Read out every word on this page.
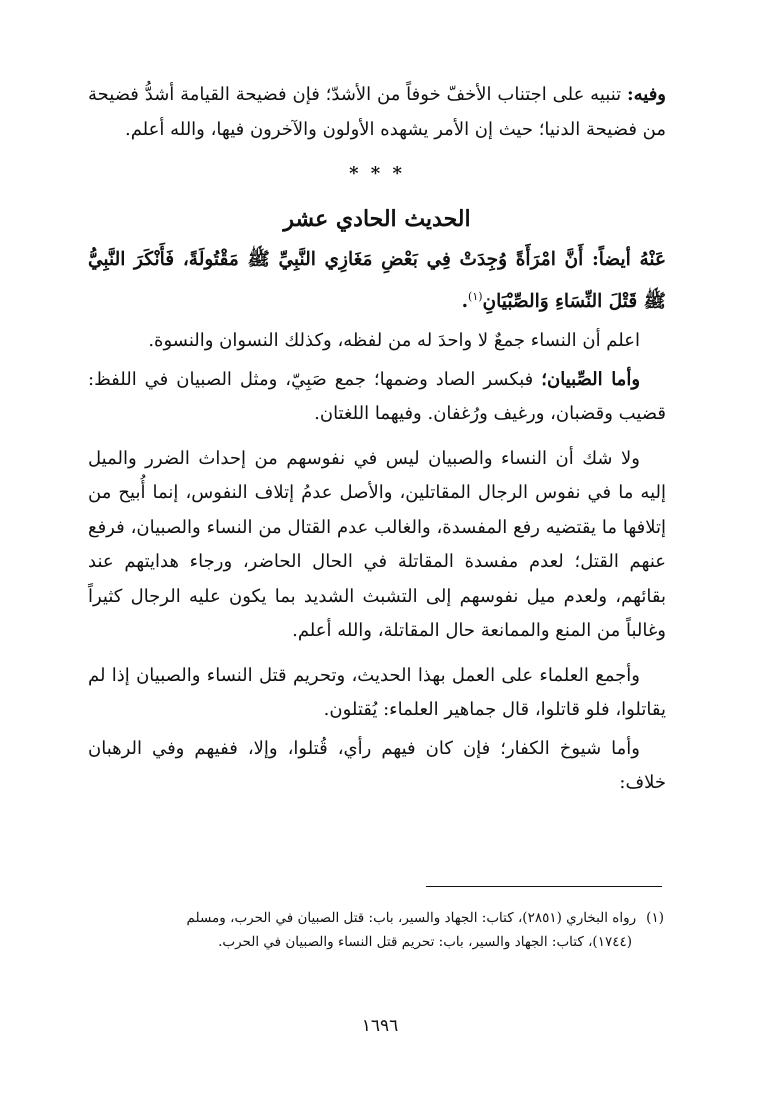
وفيه: تنبيه على اجتناب الأخفّ خوفاً من الأشدّ؛ فإن فضيحة القيامة أشدُّ فضيحة من فضيحة الدنيا؛ حيث إن الأمر يشهده الأولون والآخرون فيها، والله أعلم.

* * *
الحديث الحادي عشر

عَنْهُ أيضاً: أَنَّ امْرَأَةً وُجِدَتْ فِي بَعْضِ مَغَازِي النَّبِيِّ ﷺ مَقْتُولَةً، فَأَنْكَرَ النَّبِيُّ ﷺ قَتْلَ النِّسَاءِ وَالصِّبْيَانِ$^{(١)}$.

اعلم أن النساء جمعٌ لا واحدَ له من لفظه، وكذلك النسوان والنسوة.

وأما الصِّبيان؛ فبكسر الصاد وضمها؛ جمع صَبِيّ، ومثل الصبيان في اللفظ: قضيب وقضبان، ورغيف ورُغفان. وفيهما اللغتان.

ولا شك أن النساء والصبيان ليس في نفوسهم من إحداث الضرر والميل إليه ما في نفوس الرجال المقاتلين، والأصل عدمُ إتلاف النفوس، إنما أُبيح من إتلافها ما يقتضيه رفع المفسدة، والغالب عدم القتال من النساء والصبيان، فرفع عنهم القتل؛ لعدم مفسدة المقاتلة في الحال الحاضر، ورجاء هدايتهم عند بقائهم، ولعدم ميل نفوسهم إلى التشبث الشديد بما يكون عليه الرجال كثيراً وغالباً من المنع والممانعة حال المقاتلة، والله أعلم.

وأجمع العلماء على العمل بهذا الحديث، وتحريم قتل النساء والصبيان إذا لم يقاتلوا، فلو قاتلوا، قال جماهير العلماء: يُقتلون.

وأما شيوخ الكفار؛ فإن كان فيهم رأي، قُتلوا، وإلا، ففيهم وفي الرهبان خلاف:

(١)رواه البخاري (٢٨٥١)، كتاب: الجهاد والسير، باب: قتل الصبيان في الحرب، ومسلم
(١٧٤٤)، كتاب: الجهاد والسير، باب: تحريم قتل النساء والصبيان في الحرب.

١٦٩٦
